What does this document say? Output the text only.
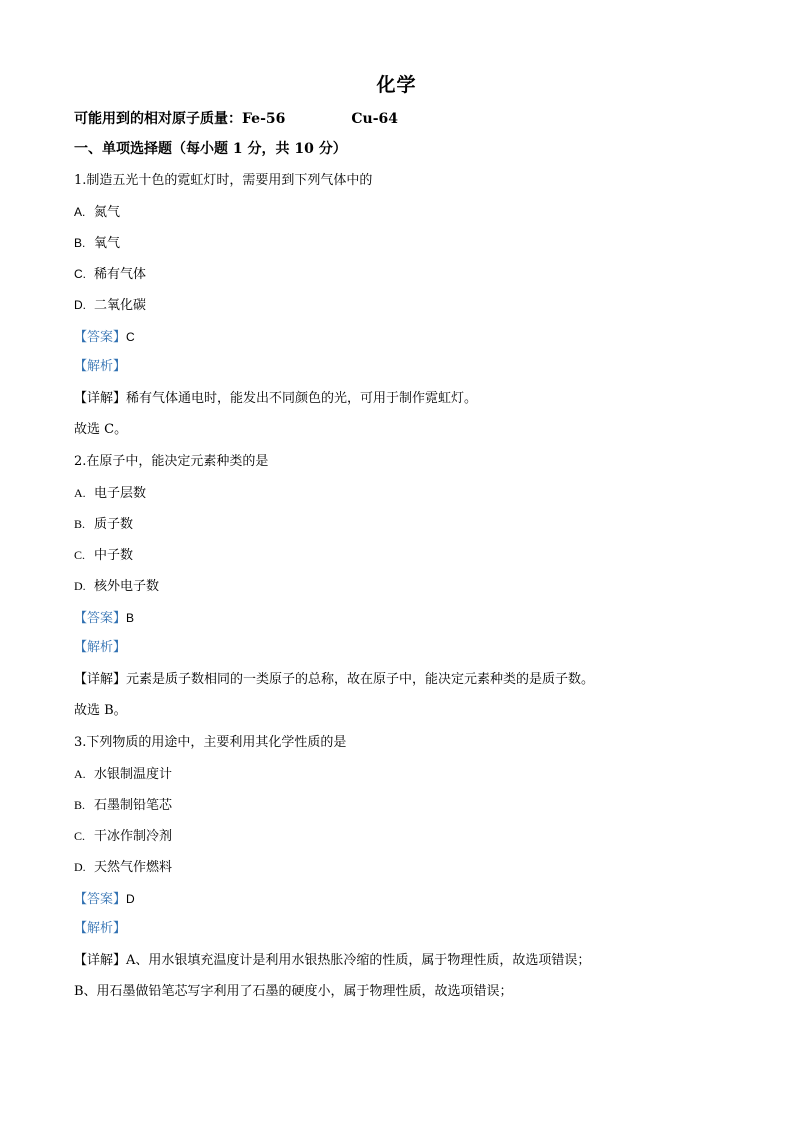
化学
可能用到的相对原子质量：Fe-56	Cu-64
一、单项选择题（每小题 1 分，共 10 分）
1.制造五光十色的霓虹灯时，需要用到下列气体中的
A. 氮气
B. 氧气
C. 稀有气体
D. 二氧化碳
【答案】C
【解析】
【详解】稀有气体通电时，能发出不同颜色的光，可用于制作霓虹灯。
故选 C。
2.在原子中，能决定元素种类的是
A. 电子层数
B. 质子数
C. 中子数
D. 核外电子数
【答案】B
【解析】
【详解】元素是质子数相同的一类原子的总称，故在原子中，能决定元素种类的是质子数。
故选 B。
3.下列物质的用途中，主要利用其化学性质的是
A. 水银制温度计
B. 石墨制铅笔芯
C. 干冰作制冷剂
D. 天然气作燃料
【答案】D
【解析】
【详解】A、用水银填充温度计是利用水银热胀冷缩的性质，属于物理性质，故选项错误；
B、用石墨做铅笔芯写字利用了石墨的硬度小，属于物理性质，故选项错误；
